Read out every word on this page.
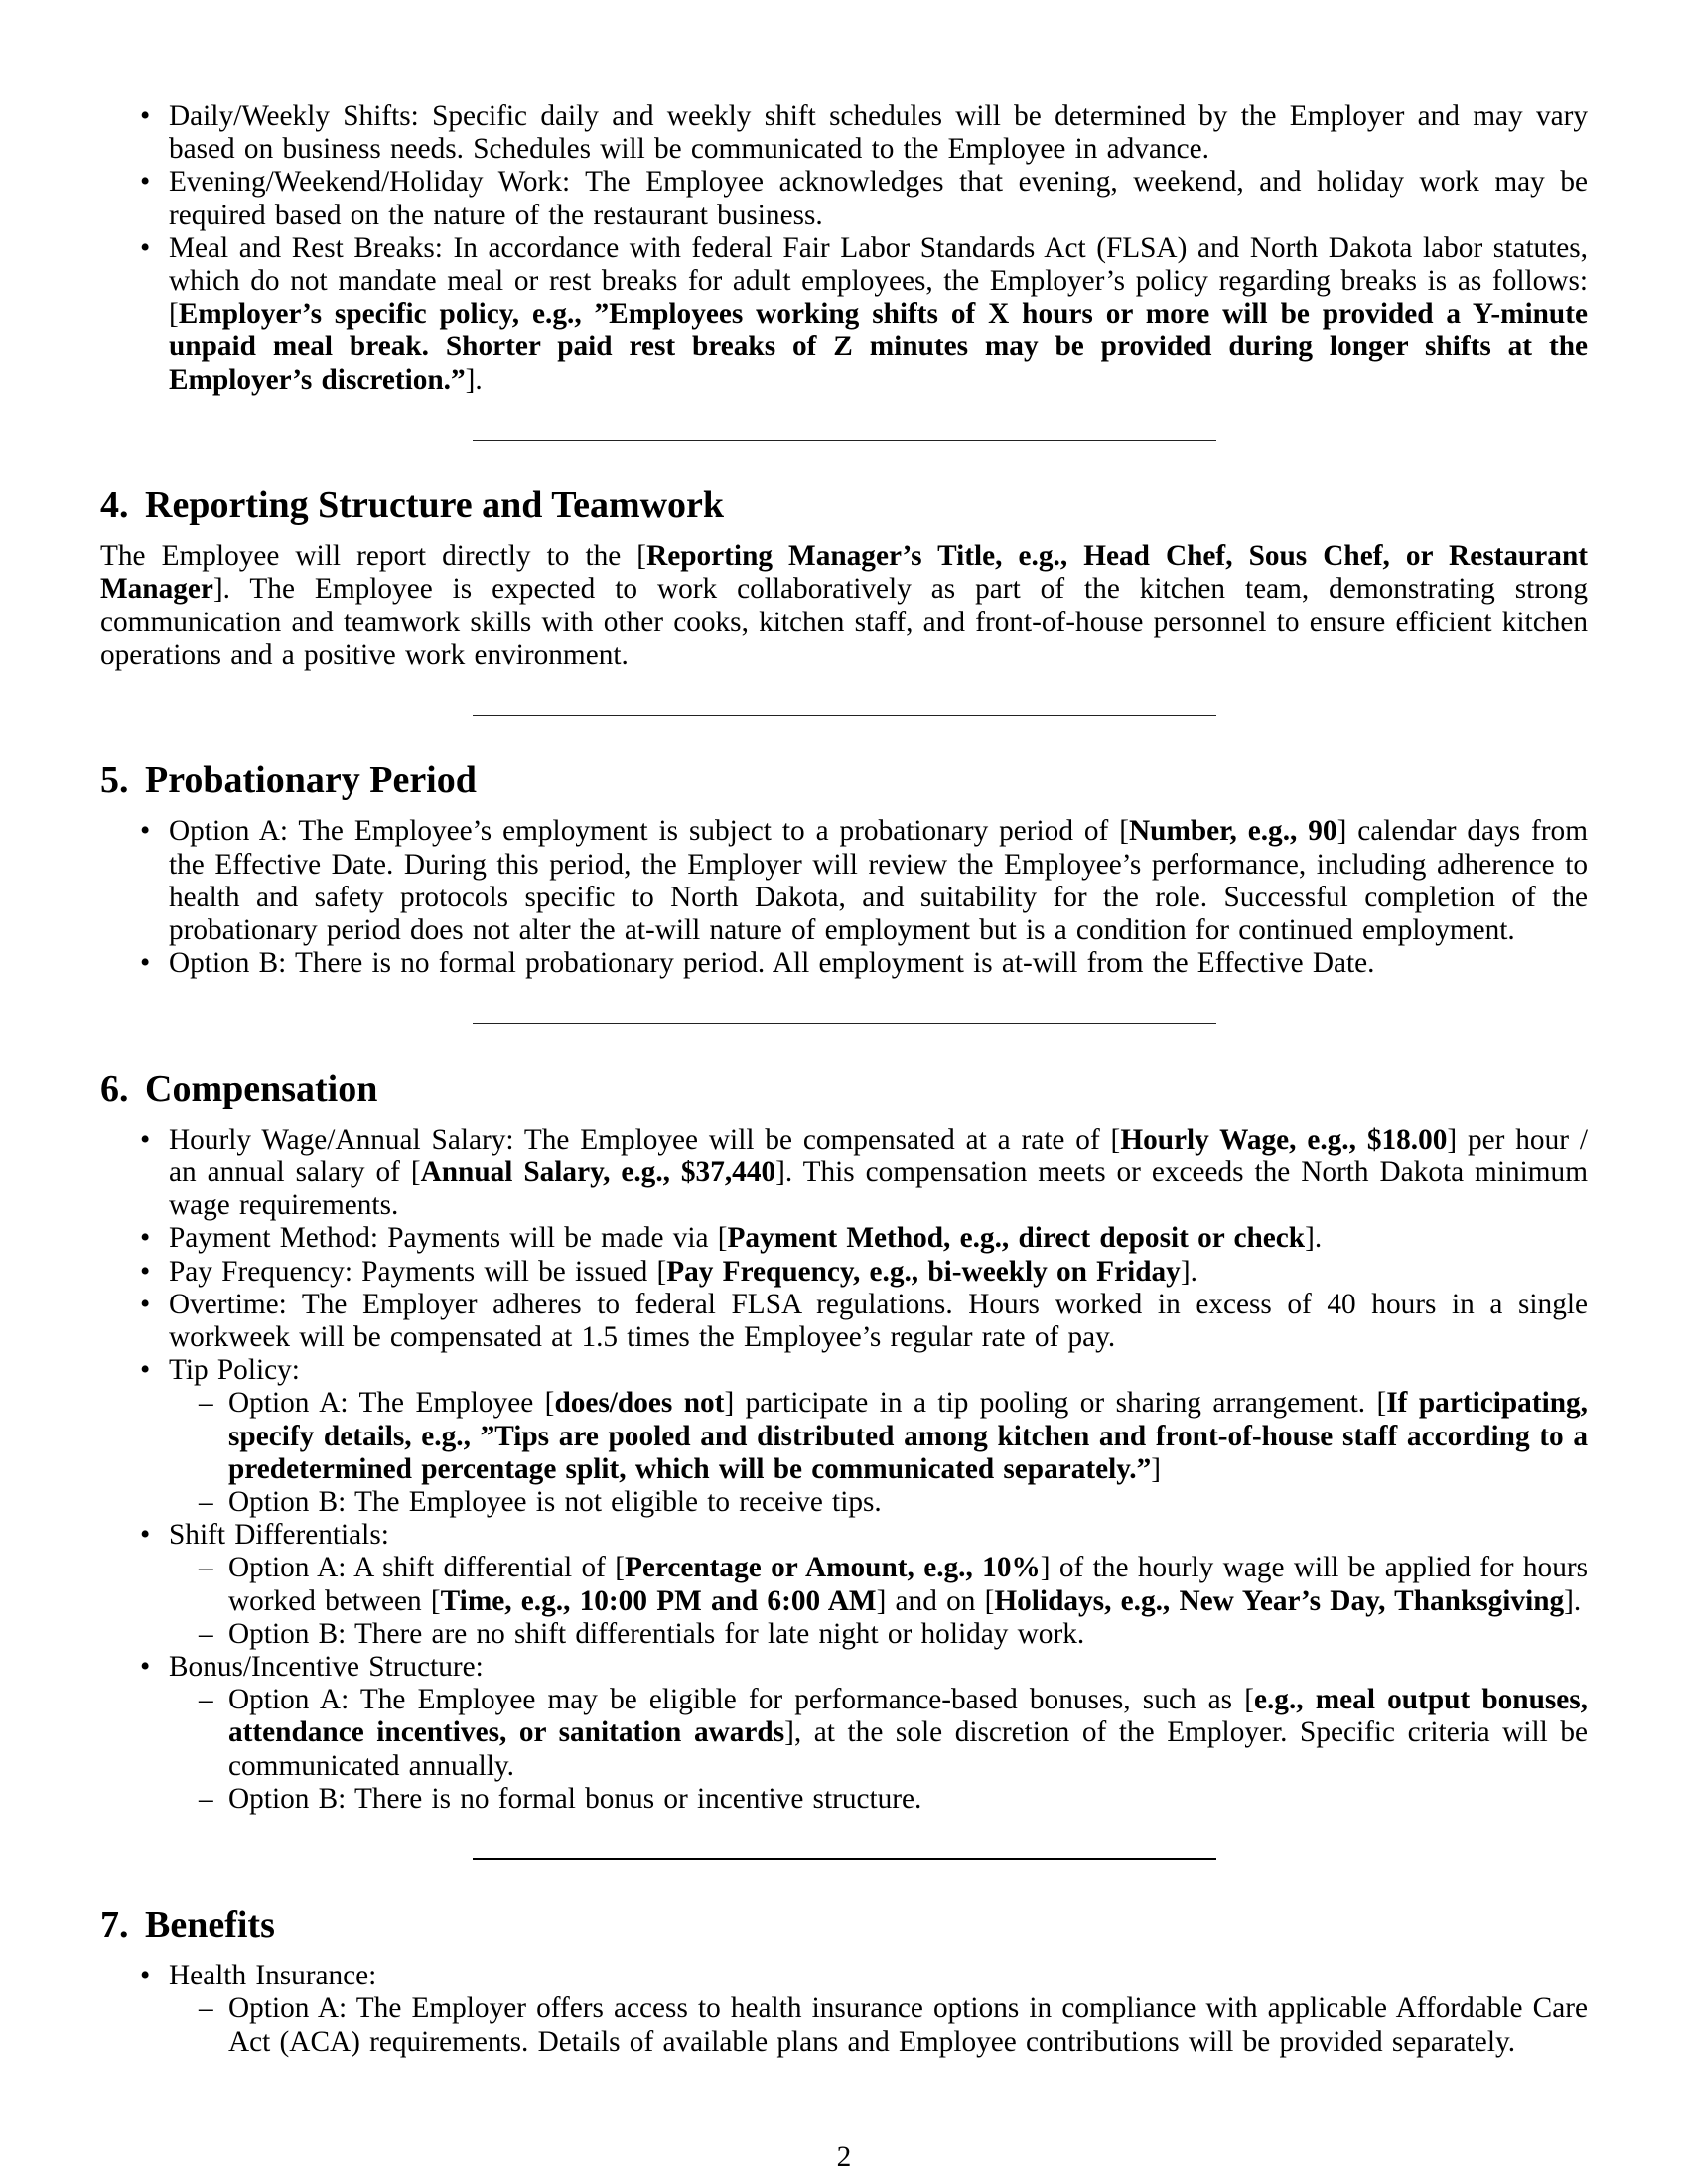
• Daily/Weekly Shifts: Specific daily and weekly shift schedules will be determined by the Employer and may vary based on business needs. Schedules will be communicated to the Employee in advance.
• Evening/Weekend/Holiday Work: The Employee acknowledges that evening, weekend, and holiday work may be required based on the nature of the restaurant business.
• Meal and Rest Breaks: In accordance with federal Fair Labor Standards Act (FLSA) and North Dakota labor statutes, which do not mandate meal or rest breaks for adult employees, the Employer’s policy regarding breaks is as follows: [Employer’s specific policy, e.g., ”Employees working shifts of X hours or more will be provided a Y-minute unpaid meal break. Shorter paid rest breaks of Z minutes may be provided during longer shifts at the Employer’s discretion.”].
4. Reporting Structure and Teamwork

The Employee will report directly to the [Reporting Manager’s Title, e.g., Head Chef, Sous Chef, or Restaurant Manager]. The Employee is expected to work collaboratively as part of the kitchen team, demonstrating strong communication and teamwork skills with other cooks, kitchen staff, and front-of-house personnel to ensure efficient kitchen operations and a positive work environment.

5. Probationary Period
• Option A: The Employee’s employment is subject to a probationary period of [Number, e.g., 90] calendar days from the Effective Date. During this period, the Employer will review the Employee’s performance, including adherence to health and safety protocols specific to North Dakota, and suitability for the role. Successful completion of the probationary period does not alter the at-will nature of employment but is a condition for continued employment.
• Option B: There is no formal probationary period. All employment is at-will from the Effective Date.
6. Compensation
• Hourly Wage/Annual Salary: The Employee will be compensated at a rate of [Hourly Wage, e.g., $18.00] per hour / an annual salary of [Annual Salary, e.g., $37,440]. This compensation meets or exceeds the North Dakota minimum wage requirements.
• Payment Method: Payments will be made via [Payment Method, e.g., direct deposit or check].
• Pay Frequency: Payments will be issued [Pay Frequency, e.g., bi-weekly on Friday].
• Overtime: The Employer adheres to federal FLSA regulations. Hours worked in excess of 40 hours in a single workweek will be compensated at 1.5 times the Employee’s regular rate of pay.
• Tip Policy:
– Option A: The Employee [does/does not] participate in a tip pooling or sharing arrangement. [If participating, specify details, e.g., ”Tips are pooled and distributed among kitchen and front-of-house staff according to a predetermined percentage split, which will be communicated separately.”]
– Option B: The Employee is not eligible to receive tips.
• Shift Differentials:
– Option A: A shift differential of [Percentage or Amount, e.g., 10%] of the hourly wage will be applied for hours worked between [Time, e.g., 10:00 PM and 6:00 AM] and on [Holidays, e.g., New Year’s Day, Thanksgiving].
– Option B: There are no shift differentials for late night or holiday work.
• Bonus/Incentive Structure:
– Option A: The Employee may be eligible for performance-based bonuses, such as [e.g., meal output bonuses, attendance incentives, or sanitation awards], at the sole discretion of the Employer. Specific criteria will be communicated annually.
– Option B: There is no formal bonus or incentive structure.
7. Benefits
• Health Insurance:
– Option A: The Employer offers access to health insurance options in compliance with applicable Affordable Care Act (ACA) requirements. Details of available plans and Employee contributions will be provided separately.
2
